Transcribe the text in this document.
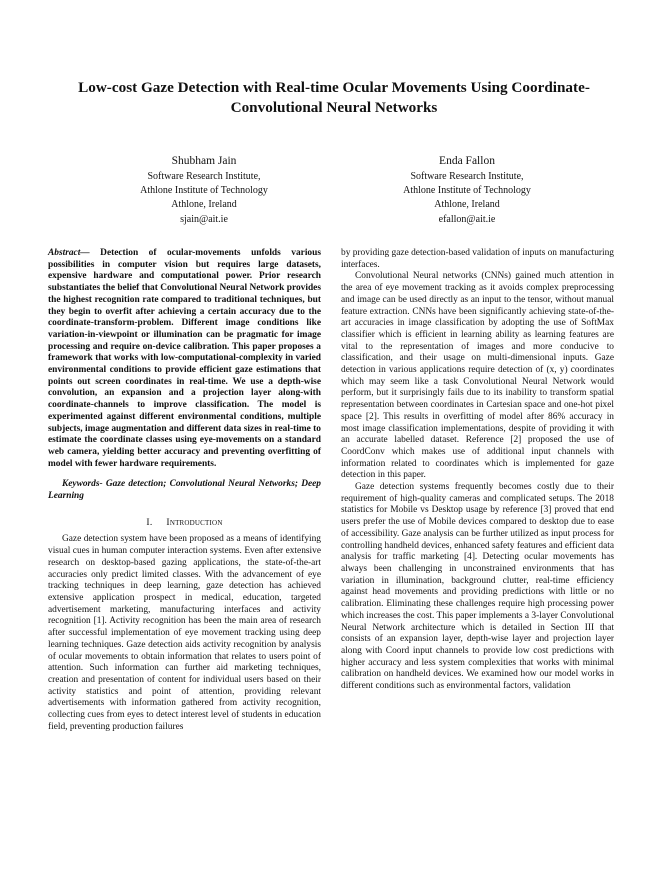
Low-cost Gaze Detection with Real-time Ocular Movements Using Coordinate-Convolutional Neural Networks
Shubham Jain
Software Research Institute,
Athlone Institute of Technology
Athlone, Ireland
sjain@ait.ie
Enda Fallon
Software Research Institute,
Athlone Institute of Technology
Athlone, Ireland
efallon@ait.ie

Abstract— Detection of ocular-movements unfolds various possibilities in computer vision but requires large datasets, expensive hardware and computational power. Prior research substantiates the belief that Convolutional Neural Network provides the highest recognition rate compared to traditional techniques, but they begin to overfit after achieving a certain accuracy due to the coordinate-transform-problem. Different image conditions like variation-in-viewpoint or illumination can be pragmatic for image processing and require on-device calibration. This paper proposes a framework that works with low-computational-complexity in varied environmental conditions to provide efficient gaze estimations that points out screen coordinates in real-time. We use a depth-wise convolution, an expansion and a projection layer along-with coordinate-channels to improve classification. The model is experimented against different environmental conditions, multiple subjects, image augmentation and different data sizes in real-time to estimate the coordinate classes using eye-movements on a standard web camera, yielding better accuracy and preventing overfitting of model with fewer hardware requirements.

Keywords- Gaze detection; Convolutional Neural Networks; Deep Learning

I. Introduction

Gaze detection system have been proposed as a means of identifying visual cues in human computer interaction systems. Even after extensive research on desktop-based gazing applications, the state-of-the-art accuracies only predict limited classes. With the advancement of eye tracking techniques in deep learning, gaze detection has achieved extensive application prospect in medical, education, targeted advertisement marketing, manufacturing interfaces and activity recognition [1]. Activity recognition has been the main area of research after successful implementation of eye movement tracking using deep learning techniques. Gaze detection aids activity recognition by analysis of ocular movements to obtain information that relates to users point of attention. Such information can further aid marketing techniques, creation and presentation of content for individual users based on their activity statistics and point of attention, providing relevant advertisements with information gathered from activity recognition, collecting cues from eyes to detect interest level of students in education field, preventing production failures

by providing gaze detection-based validation of inputs on manufacturing interfaces.

Convolutional Neural networks (CNNs) gained much attention in the area of eye movement tracking as it avoids complex preprocessing and image can be used directly as an input to the tensor, without manual feature extraction. CNNs have been significantly achieving state-of-the-art accuracies in image classification by adopting the use of SoftMax classifier which is efficient in learning ability as learning features are vital to the representation of images and more conducive to classification, and their usage on multi-dimensional inputs. Gaze detection in various applications require detection of (x, y) coordinates which may seem like a task Convolutional Neural Network would perform, but it surprisingly fails due to its inability to transform spatial representation between coordinates in Cartesian space and one-hot pixel space [2]. This results in overfitting of model after 86% accuracy in most image classification implementations, despite of providing it with an accurate labelled dataset. Reference [2] proposed the use of CoordConv which makes use of additional input channels with information related to coordinates which is implemented for gaze detection in this paper.

Gaze detection systems frequently becomes costly due to their requirement of high-quality cameras and complicated setups. The 2018 statistics for Mobile vs Desktop usage by reference [3] proved that end users prefer the use of Mobile devices compared to desktop due to ease of accessibility. Gaze analysis can be further utilized as input process for controlling handheld devices, enhanced safety features and efficient data analysis for traffic marketing [4]. Detecting ocular movements has always been challenging in unconstrained environments that has variation in illumination, background clutter, real-time efficiency against head movements and providing predictions with little or no calibration. Eliminating these challenges require high processing power which increases the cost. This paper implements a 3-layer Convolutional Neural Network architecture which is detailed in Section III that consists of an expansion layer, depth-wise layer and projection layer along with Coord input channels to provide low cost predictions with higher accuracy and less system complexities that works with minimal calibration on handheld devices. We examined how our model works in different conditions such as environmental factors, validation
